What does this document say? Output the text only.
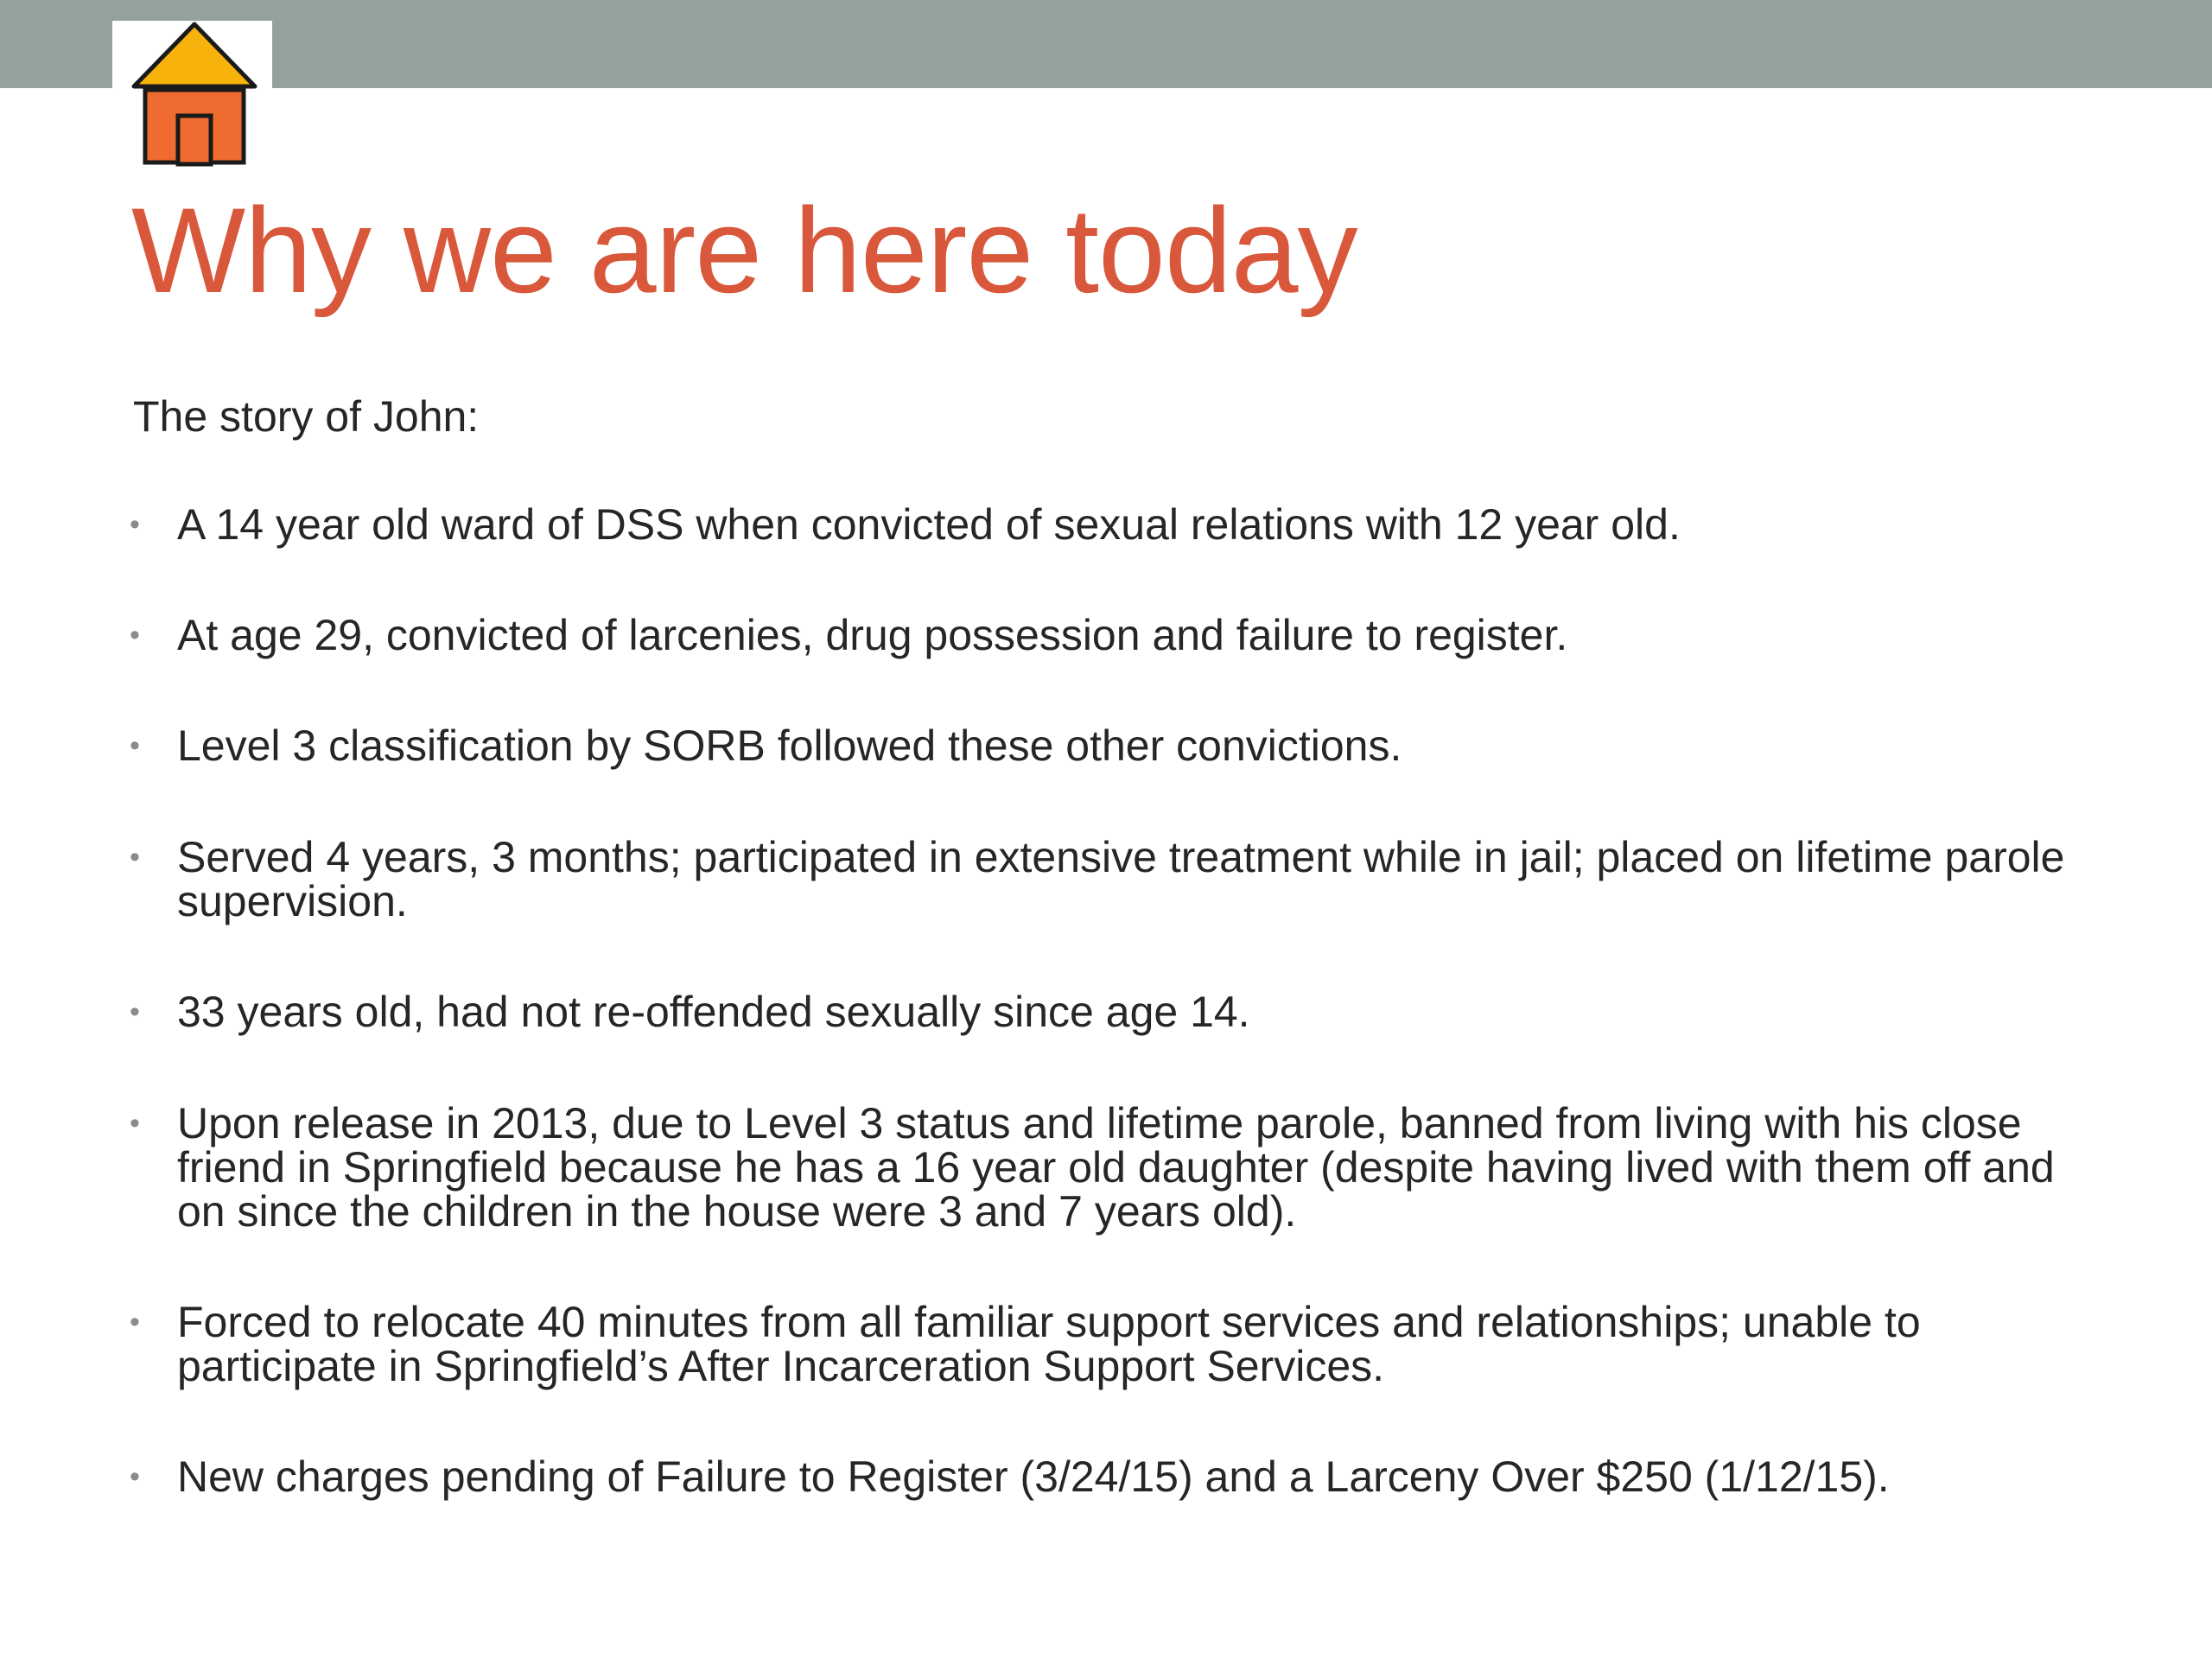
Why we are here today
The story of John:
• A 14 year old ward of DSS when convicted of sexual relations with 12 year old.
• At age 29, convicted of larcenies, drug possession and failure to register.
• Level 3 classification by SORB followed these other convictions.
• Served 4 years, 3 months; participated in extensive treatment while in jail; placed on lifetime parole supervision.
• 33 years old, had not re-offended sexually since age 14.
• Upon release in 2013, due to Level 3 status and lifetime parole, banned from living with his close friend in Springfield because he has a 16 year old daughter (despite having lived with them off and on since the children in the house were 3 and 7 years old).
• Forced to relocate 40 minutes from all familiar support services and relationships; unable to participate in Springfield’s After Incarceration Support Services.
• New charges pending of Failure to Register (3/24/15) and a Larceny Over $250 (1/12/15).
